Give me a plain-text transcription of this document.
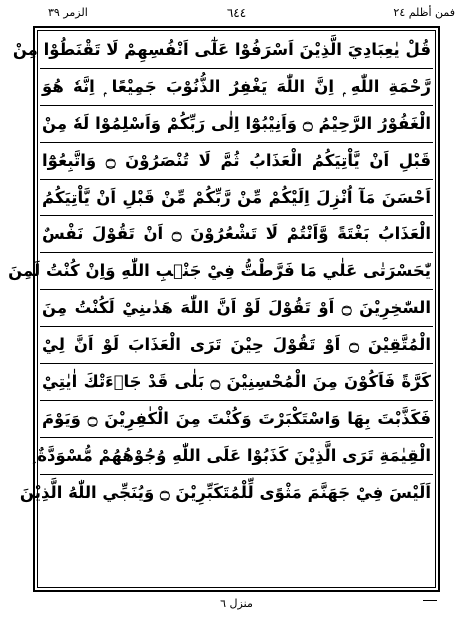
الزمر ٣٩	٦٤٤	فمن أظلم ٢٤
قُلْ يٰعِبَادِيَ الَّذِيْنَ اَسْرَفُوْا عَلٰٓى اَنْفُسِهِمْ لَا تَقْنَطُوْا مِنْ
رَّحْمَةِ اللّٰهِ ۭ اِنَّ اللّٰهَ يَغْفِرُ الذُّنُوْبَ جَمِيْعًا ۭ اِنَّهٗ هُوَ
الْغَفُوْرُ الرَّحِيْمُ ۝ وَاَنِيْبُوْٓا اِلٰى رَبِّكُمْ وَاَسْلِمُوْا لَهٗ مِنْ
قَبْلِ اَنْ يَّاْتِيَكُمُ الْعَذَابُ ثُمَّ لَا تُنْصَرُوْنَ ۝ وَاتَّبِعُوْٓا
اَحْسَنَ مَآ اُنْزِلَ اِلَيْكُمْ مِّنْ رَّبِّكُمْ مِّنْ قَبْلِ اَنْ يَّاْتِيَكُمُ
الْعَذَابُ بَغْتَةً وَّاَنْتُمْ لَا تَشْعُرُوْنَ ۝ اَنْ تَقُوْلَ نَفْسٌ
يّٰحَسْرَتٰى عَلٰي مَا فَرَّطْتُّ فِيْ جَنْۢبِ اللّٰهِ وَاِنْ كُنْتُ لَمِنَ
السّٰخِرِيْنَ ۝ اَوْ تَقُوْلَ لَوْ اَنَّ اللّٰهَ هَدٰىنِيْ لَكُنْتُ مِنَ
الْمُتَّقِيْنَ ۝ اَوْ تَقُوْلَ حِيْنَ تَرَى الْعَذَابَ لَوْ اَنَّ لِيْ
كَرَّةً فَاَكُوْنَ مِنَ الْمُحْسِنِيْنَ ۝ بَلٰى قَدْ جَاۗءَتْكَ اٰيٰتِيْ
فَكَذَّبْتَ بِهَا وَاسْتَكْبَرْتَ وَكُنْتَ مِنَ الْكٰفِرِيْنَ ۝ وَيَوْمَ
الْقِيٰمَةِ تَرَى الَّذِيْنَ كَذَبُوْا عَلَى اللّٰهِ وُجُوْهُهُمْ مُّسْوَدَّةٌ ۭ
اَلَيْسَ فِيْ جَهَنَّمَ مَثْوًى لِّلْمُتَكَبِّرِيْنَ ۝ وَيُنَجِّي اللّٰهُ الَّذِيْنَ
منزل ٦
